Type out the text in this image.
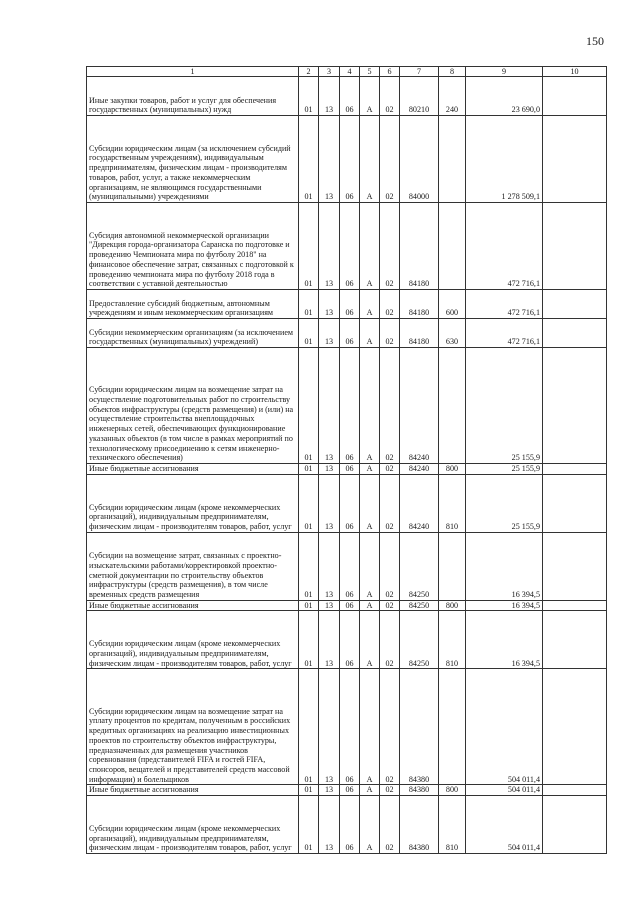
150
1	2	3	4	5	6	7	8	9	10
Иные закупки товаров, работ и услуг для обеспечения государственных (муниципальных) нужд	01	13	06	А	02	80210	240	23 690,0	
Субсидии юридическим лицам (за исключением субсидий государственным учреждениям), индивидуальным предпринимателям, физическим лицам - производителям товаров, работ, услуг, а также некоммерческим организациям, не являющимся государственными (муниципальными) учреждениями	01	13	06	А	02	84000		1 278 509,1	
Субсидия автономной некоммерческой организации "Дирекция города-организатора Саранска по подготовке и проведению Чемпионата мира по футболу 2018" на финансовое обеспечение затрат, связанных с подготовкой к проведению чемпионата мира по футболу 2018 года в соответствии с уставной деятельностью	01	13	06	А	02	84180		472 716,1	
Предоставление субсидий бюджетным, автономным учреждениям и иным некоммерческим организациям	01	13	06	А	02	84180	600	472 716,1	
Субсидии некоммерческим организациям (за исключением государственных (муниципальных) учреждений)	01	13	06	А	02	84180	630	472 716,1	
Субсидии юридическим лицам на возмещение затрат на осуществление подготовительных работ по строительству объектов инфраструктуры (средств размещения) и (или) на осуществление строительства внеплощадочных инженерных сетей, обеспечивающих функционирование указанных объектов (в том числе в рамках мероприятий по технологическому присоединению к сетям инженерно-технического обеспечения)	01	13	06	А	02	84240		25 155,9	
Иные бюджетные ассигнования	01	13	06	А	02	84240	800	25 155,9	
Субсидии юридическим лицам (кроме некоммерческих организаций), индивидуальным предпринимателям, физическим лицам - производителям товаров, работ, услуг	01	13	06	А	02	84240	810	25 155,9	
Субсидии на возмещение затрат, связанных с проектно-изыскательскими работами/корректировкой проектно-сметной документации по строительству объектов инфраструктуры (средств размещения), в том числе временных средств размещения	01	13	06	А	02	84250		16 394,5	
Иные бюджетные ассигнования	01	13	06	А	02	84250	800	16 394,5	
Субсидии юридическим лицам (кроме некоммерческих организаций), индивидуальным предпринимателям, физическим лицам - производителям товаров, работ, услуг	01	13	06	А	02	84250	810	16 394,5	
Субсидии юридическим лицам на возмещение затрат на уплату процентов по кредитам, полученным в российских кредитных организациях на реализацию инвестиционных проектов по строительству объектов инфраструктуры, предназначенных для размещения участников соревнования (представителей FIFA и гостей FIFA, спонсоров, вещателей и представителей средств массовой информации) и болельщиков	01	13	06	А	02	84380		504 011,4	
Иные бюджетные ассигнования	01	13	06	А	02	84380	800	504 011,4	
Субсидии юридическим лицам (кроме некоммерческих организаций), индивидуальным предпринимателям, физическим лицам - производителям товаров, работ, услуг	01	13	06	А	02	84380	810	504 011,4	
